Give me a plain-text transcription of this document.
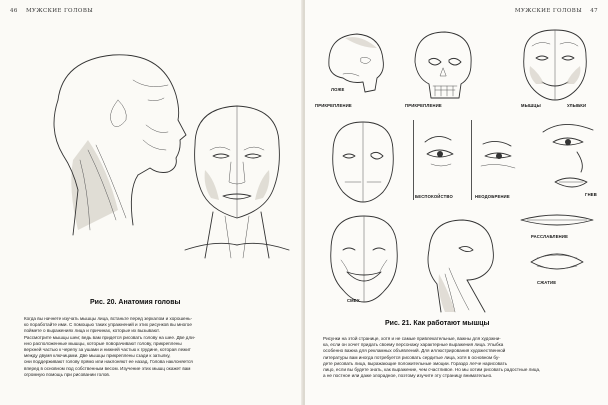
46 МУЖСКИЕ ГОЛОВЫ
Рис. 20. Анатомия головы

Когда вы начнете изучать мышцы лица, встаньте перед зеркалом и хорошень-

ко поработайте ими. С помощью таких упражнений и этих рисунков вы многое

поймете о выражениях лица и причинах, которые их вызывают.

Рассмотрите мышцы шеи; ведь вам придется рисовать голову на шее. Две дли-

нно расположенные мышцы, которые поворачивают голову, прикреплены

верхней частью к черепу за ушами и нижней частью к грудине, которая лежит

между двумя ключицами. Две мышцы прикреплены сзади к затылку,

они поддерживают голову прямо или наклоняют ее назад. Голова наклоняется

вперед в основном под собственным весом. Изучение этих мышц окажет вам

огромную помощь при рисовании голов.

МУЖСКИЕ ГОЛОВЫ 47
ЛОЖЕ
ПРИКРЕПЛЕНИЕ	ПРИКРЕПЛЕНИЕ	МЫШЦЫ	УЛЫБКИ
БЕСПОКОЙСТВО	НЕОДОБРЕНИЕ	ГНЕВ
СМЕХ
РАССЛАБЛЕНИЕ
СЖАТИЕ
Рис. 21. Как работают мышцы

Рисунки на этой странице, хотя и не самые привлекательные, важны для художни-

ка, если он хочет придать своему персонажу характерные выражения лица. Улыбка

особенно важна для рекламных объявлений. Для иллюстрирования художественной

литературы вам иногда потребуется рисовать сердитые лица, хотя в основном бу-

дете рисовать лица, выражающие положительные эмоции. Гораздо легче нарисовать

лицо, если вы будете знать, как выражение, чем счастливое. Но мы хотим рисовать радостные лица,

а не постное или даже злорадное, поэтому изучите эту страницу внимательно.
